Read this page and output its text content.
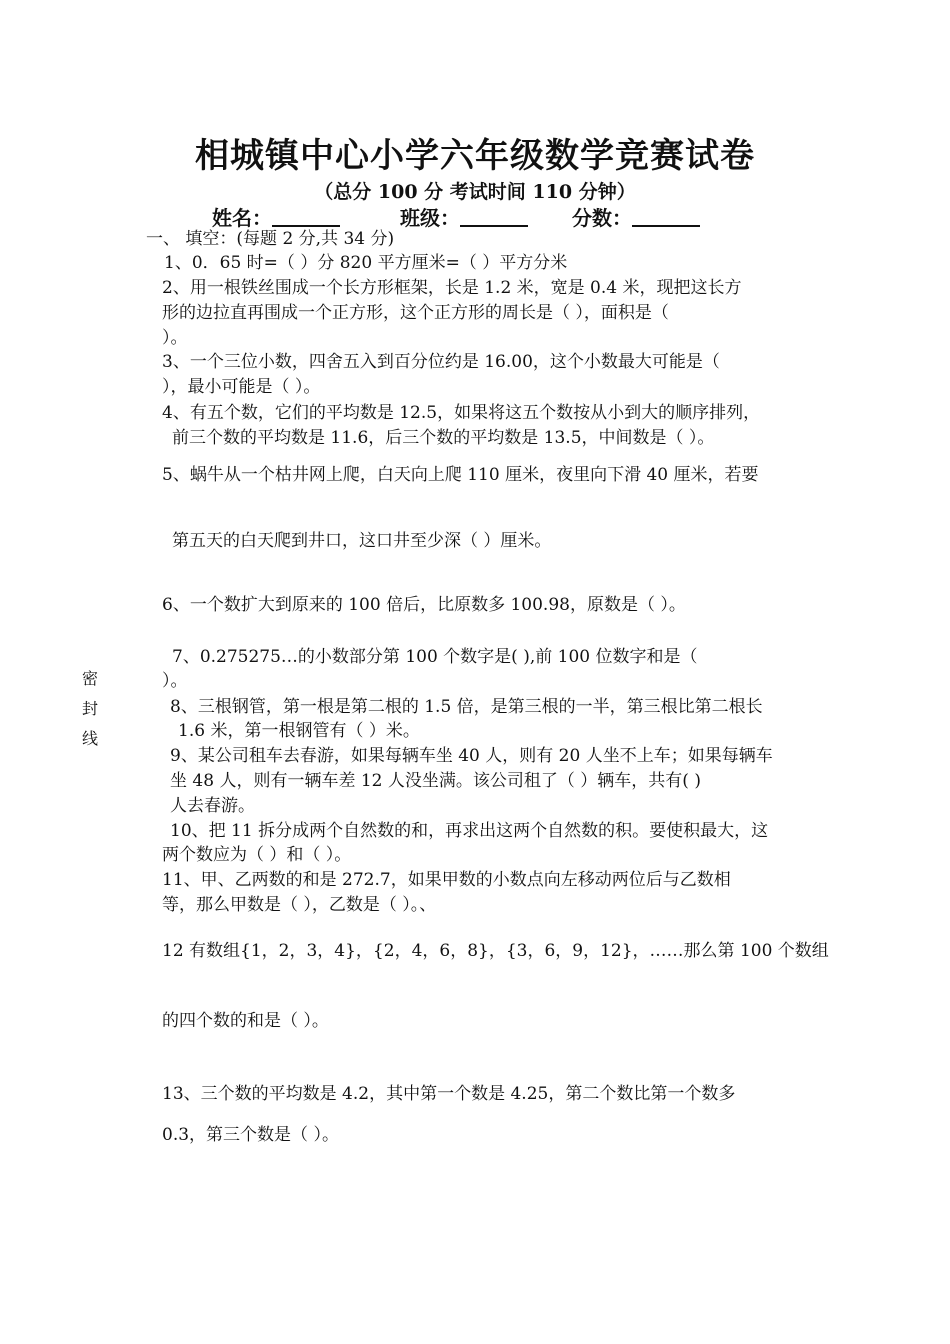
相城镇中心小学六年级数学竞赛试卷
（总分 100 分 考试时间 110 分钟）
姓名：	班级：	分数：
密
封
线
一、 填空：(每题 2 分,共 34 分)
1、0．65 时=（ ）分 820 平方厘米=（ ）平方分米
2、用一根铁丝围成一个长方形框架，长是 1.2 米，宽是 0.4 米，现把这长方
形的边拉直再围成一个正方形，这个正方形的周长是（ ），面积是（
）。
3、一个三位小数，四舍五入到百分位约是 16.00，这个小数最大可能是（
），最小可能是（ ）。
4、有五个数，它们的平均数是 12.5，如果将这五个数按从小到大的顺序排列，
前三个数的平均数是 11.6，后三个数的平均数是 13.5，中间数是（ ）。
5、蜗牛从一个枯井网上爬，白天向上爬 110 厘米，夜里向下滑 40 厘米，若要
第五天的白天爬到井口，这口井至少深（ ）厘米。
6、一个数扩大到原来的 100 倍后，比原数多 100.98，原数是（ ）。
7、0.275275…的小数部分第 100 个数字是( ),前 100 位数字和是（
）。
8、三根钢管，第一根是第二根的 1.5 倍，是第三根的一半，第三根比第二根长
1.6 米，第一根钢管有（ ）米。
9、某公司租车去春游，如果每辆车坐 40 人，则有 20 人坐不上车；如果每辆车
坐 48 人，则有一辆车差 12 人没坐满。该公司租了（ ）辆车，共有( )
人去春游。
10、把 11 拆分成两个自然数的和，再求出这两个自然数的积。要使积最大，这
两个数应为（ ）和（ ）。
11、甲、乙两数的和是 272.7，如果甲数的小数点向左移动两位后与乙数相
等，那么甲数是（ ），乙数是（ ）。、
12 有数组{1，2，3，4}，{2，4，6，8}，{3，6，9，12}，……那么第 100 个数组
的四个数的和是（ ）。
13、三个数的平均数是 4.2，其中第一个数是 4.25，第二个数比第一个数多
0.3，第三个数是（ ）。
